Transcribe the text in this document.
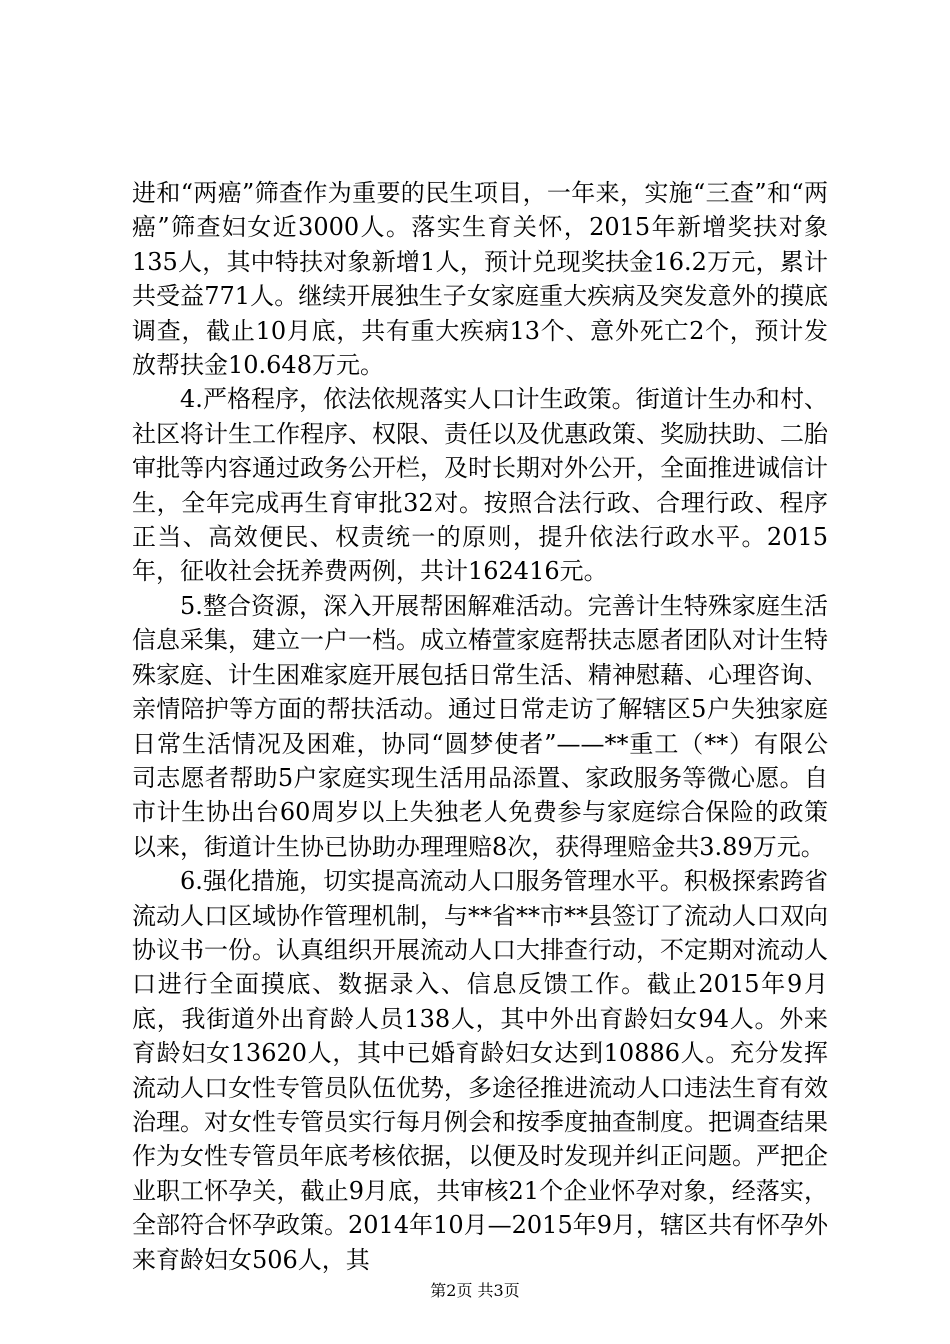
进和“两癌”筛查作为重要的民生项目，一年来，实施“三查”和“两癌”筛查妇女近3000人。落实生育关怀，2015年新增奖扶对象135人，其中特扶对象新增1人，预计兑现奖扶金16.2万元，累计共受益771人。继续开展独生子女家庭重大疾病及突发意外的摸底调查，截止10月底，共有重大疾病13个、意外死亡2个，预计发放帮扶金10.648万元。

4.严格程序，依法依规落实人口计生政策。街道计生办和村、社区将计生工作程序、权限、责任以及优惠政策、奖励扶助、二胎审批等内容通过政务公开栏，及时长期对外公开，全面推进诚信计生，全年完成再生育审批32对。按照合法行政、合理行政、程序正当、高效便民、权责统一的原则，提升依法行政水平。2015年，征收社会抚养费两例，共计162416元。

5.整合资源，深入开展帮困解难活动。完善计生特殊家庭生活信息采集，建立一户一档。成立椿萱家庭帮扶志愿者团队对计生特殊家庭、计生困难家庭开展包括日常生活、精神慰藉、心理咨询、亲情陪护等方面的帮扶活动。通过日常走访了解辖区5户失独家庭日常生活情况及困难，协同“圆梦使者”——**重工（**）有限公司志愿者帮助5户家庭实现生活用品添置、家政服务等微心愿。自市计生协出台60周岁以上失独老人免费参与家庭综合保险的政策以来，街道计生协已协助办理理赔8次，获得理赔金共3.89万元。

6.强化措施，切实提高流动人口服务管理水平。积极探索跨省流动人口区域协作管理机制，与**省**市**县签订了流动人口双向协议书一份。认真组织开展流动人口大排查行动，不定期对流动人口进行全面摸底、数据录入、信息反馈工作。截止2015年9月底，我街道外出育龄人员138人，其中外出育龄妇女94人。外来育龄妇女13620人，其中已婚育龄妇女达到10886人。充分发挥流动人口女性专管员队伍优势，多途径推进流动人口违法生育有效治理。对女性专管员实行每月例会和按季度抽查制度。把调查结果作为女性专管员年底考核依据，以便及时发现并纠正问题。严把企业职工怀孕关，截止9月底，共审核21个企业怀孕对象，经落实，全部符合怀孕政策。2014年10月—2015年9月，辖区共有怀孕外来育龄妇女506人，其

第2页 共3页
